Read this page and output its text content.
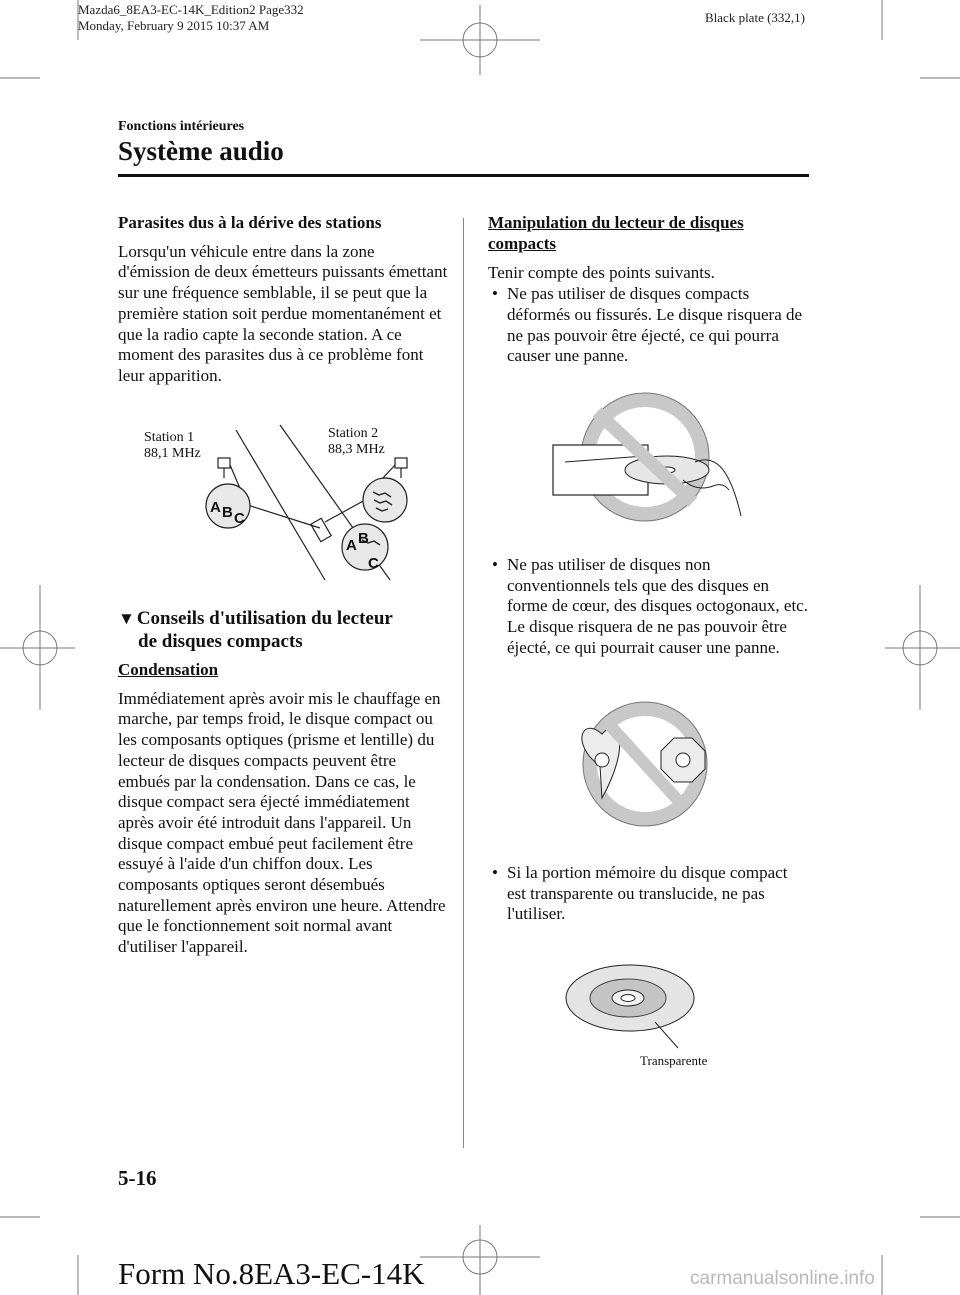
Mazda6_8EA3-EC-14K_Edition2 Page332
Monday, February 9 2015 10:37 AM
Black plate (332,1)
Fonctions intérieures
Système audio
Parasites dus à la dérive des stations
Lorsqu'un véhicule entre dans la zone d'émission de deux émetteurs puissants émettant sur une fréquence semblable, il se peut que la première station soit perdue momentanément et que la radio capte la seconde station. A ce moment des parasites dus à ce problème font leur apparition.
A B C
A B
C
Station 1
88,1 MHz
Station 2
88,3 MHz
▼ Conseils d'utilisation du lecteur
de disques compacts
Condensation
Immédiatement après avoir mis le chauffage en marche, par temps froid, le disque compact ou les composants optiques (prisme et lentille) du lecteur de disques compacts peuvent être embués par la condensation. Dans ce cas, le disque compact sera éjecté immédiatement après avoir été introduit dans l'appareil. Un disque compact embué peut facilement être essuyé à l'aide d'un chiffon doux. Les composants optiques seront désembués naturellement après environ une heure. Attendre que le fonctionnement soit normal avant d'utiliser l'appareil.
Manipulation du lecteur de disques compacts
Tenir compte des points suivants.
• Ne pas utiliser de disques compacts déformés ou fissurés. Le disque risquera de ne pas pouvoir être éjecté, ce qui pourra causer une panne.
• Ne pas utiliser de disques non conventionnels tels que des disques en forme de cœur, des disques octogonaux, etc. Le disque risquera de ne pas pouvoir être éjecté, ce qui pourrait causer une panne.
• Si la portion mémoire du disque compact est transparente ou translucide, ne pas l'utiliser.
Transparente
5-16
Form No.8EA3-EC-14K	carmanualsonline.info
